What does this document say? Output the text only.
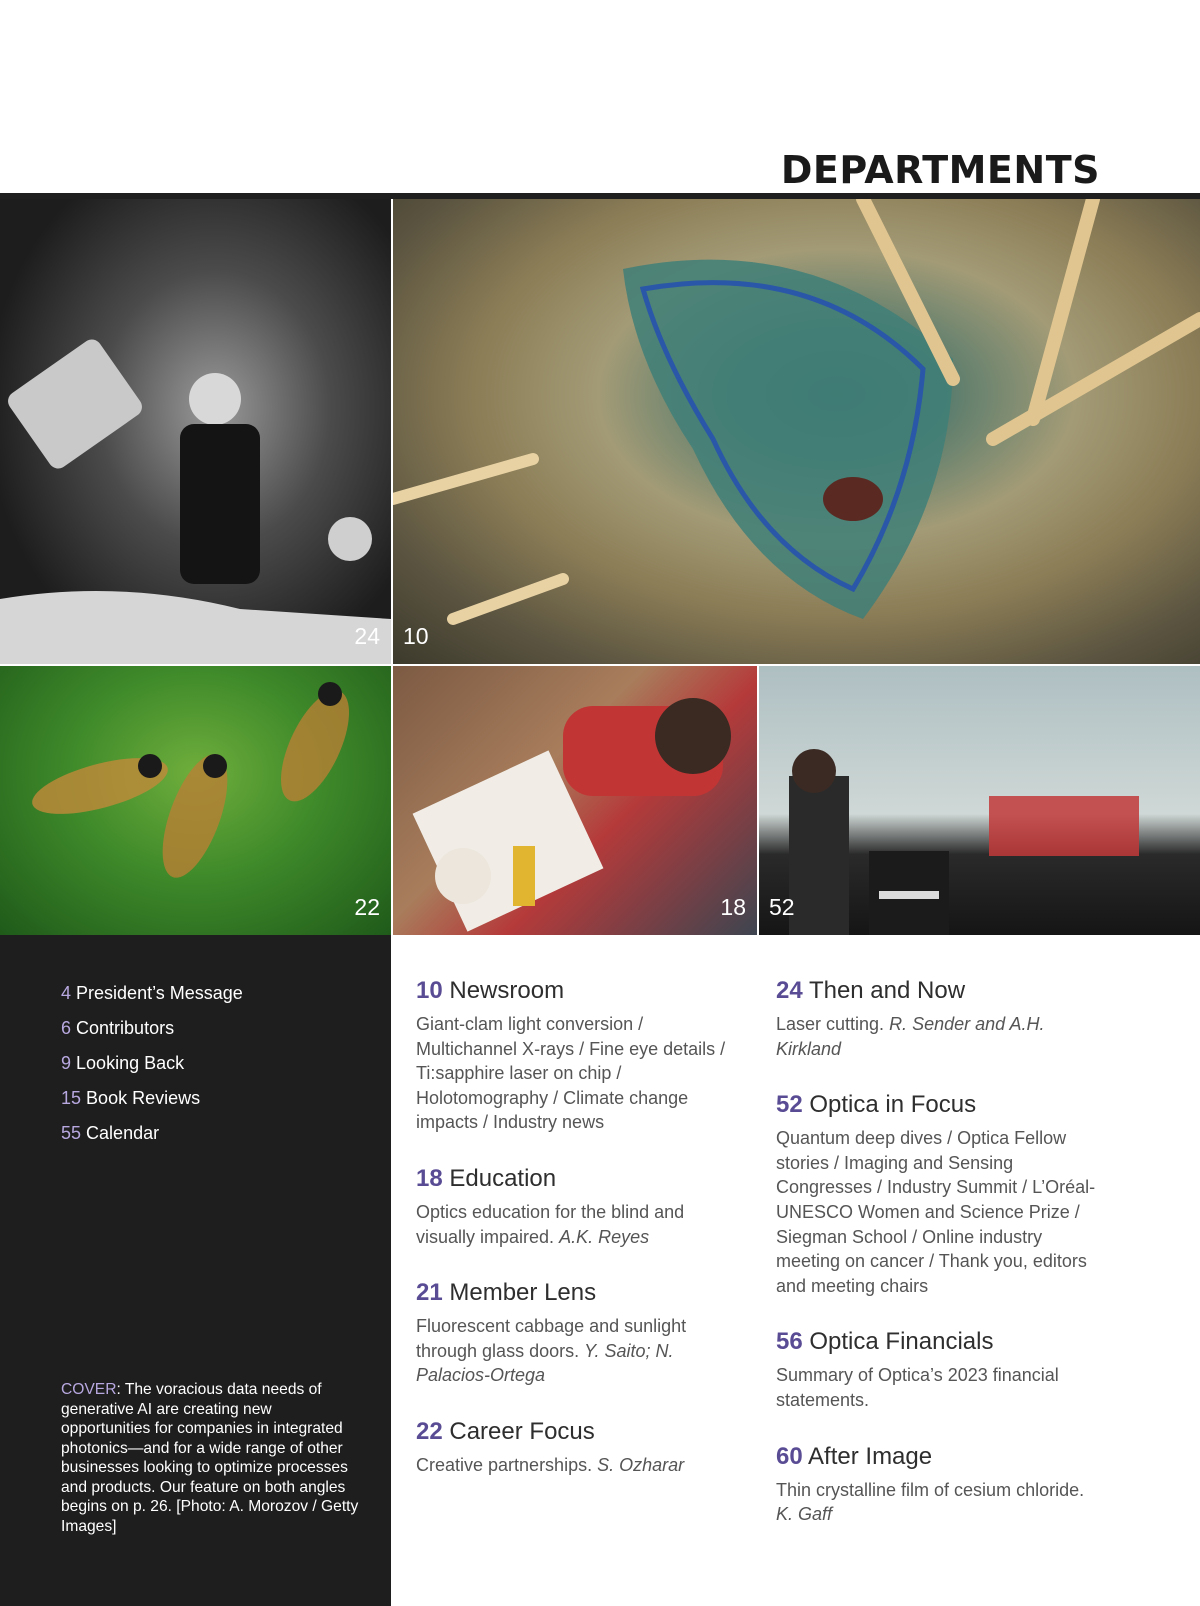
DEPARTMENTS
24 10
22	18 52
4 President’s Message
6 Contributors
9 Looking Back
15 Book Reviews
55 Calendar

COVER: The voracious data needs of generative AI are creating new opportunities for companies in integrated photonics—and for a wide range of other businesses looking to optimize processes and products. Our feature on both angles begins on p. 26. [Photo: A. Morozov / Getty Images]

10 Newsroom

Giant-clam light conversion / Multichannel X-rays / Fine eye details / Ti:sapphire laser on chip / Holotomography / Climate change impacts / Industry news

18 Education

Optics education for the blind and visually impaired. A.K. Reyes

21 Member Lens

Fluorescent cabbage and sunlight through glass doors. Y. Saito; N. Palacios-Ortega

22 Career Focus

Creative partnerships. S. Ozharar

24 Then and Now

Laser cutting. R. Sender and A.H. Kirkland

52 Optica in Focus

Quantum deep dives / Optica Fellow stories / Imaging and Sensing Congresses / Industry Summit / L’Oréal-UNESCO Women and Science Prize / Siegman School / Online industry meeting on cancer / Thank you, editors and meeting chairs

56 Optica Financials

Summary of Optica’s 2023 financial statements.

60 After Image

Thin crystalline film of cesium chloride. K. Gaff
